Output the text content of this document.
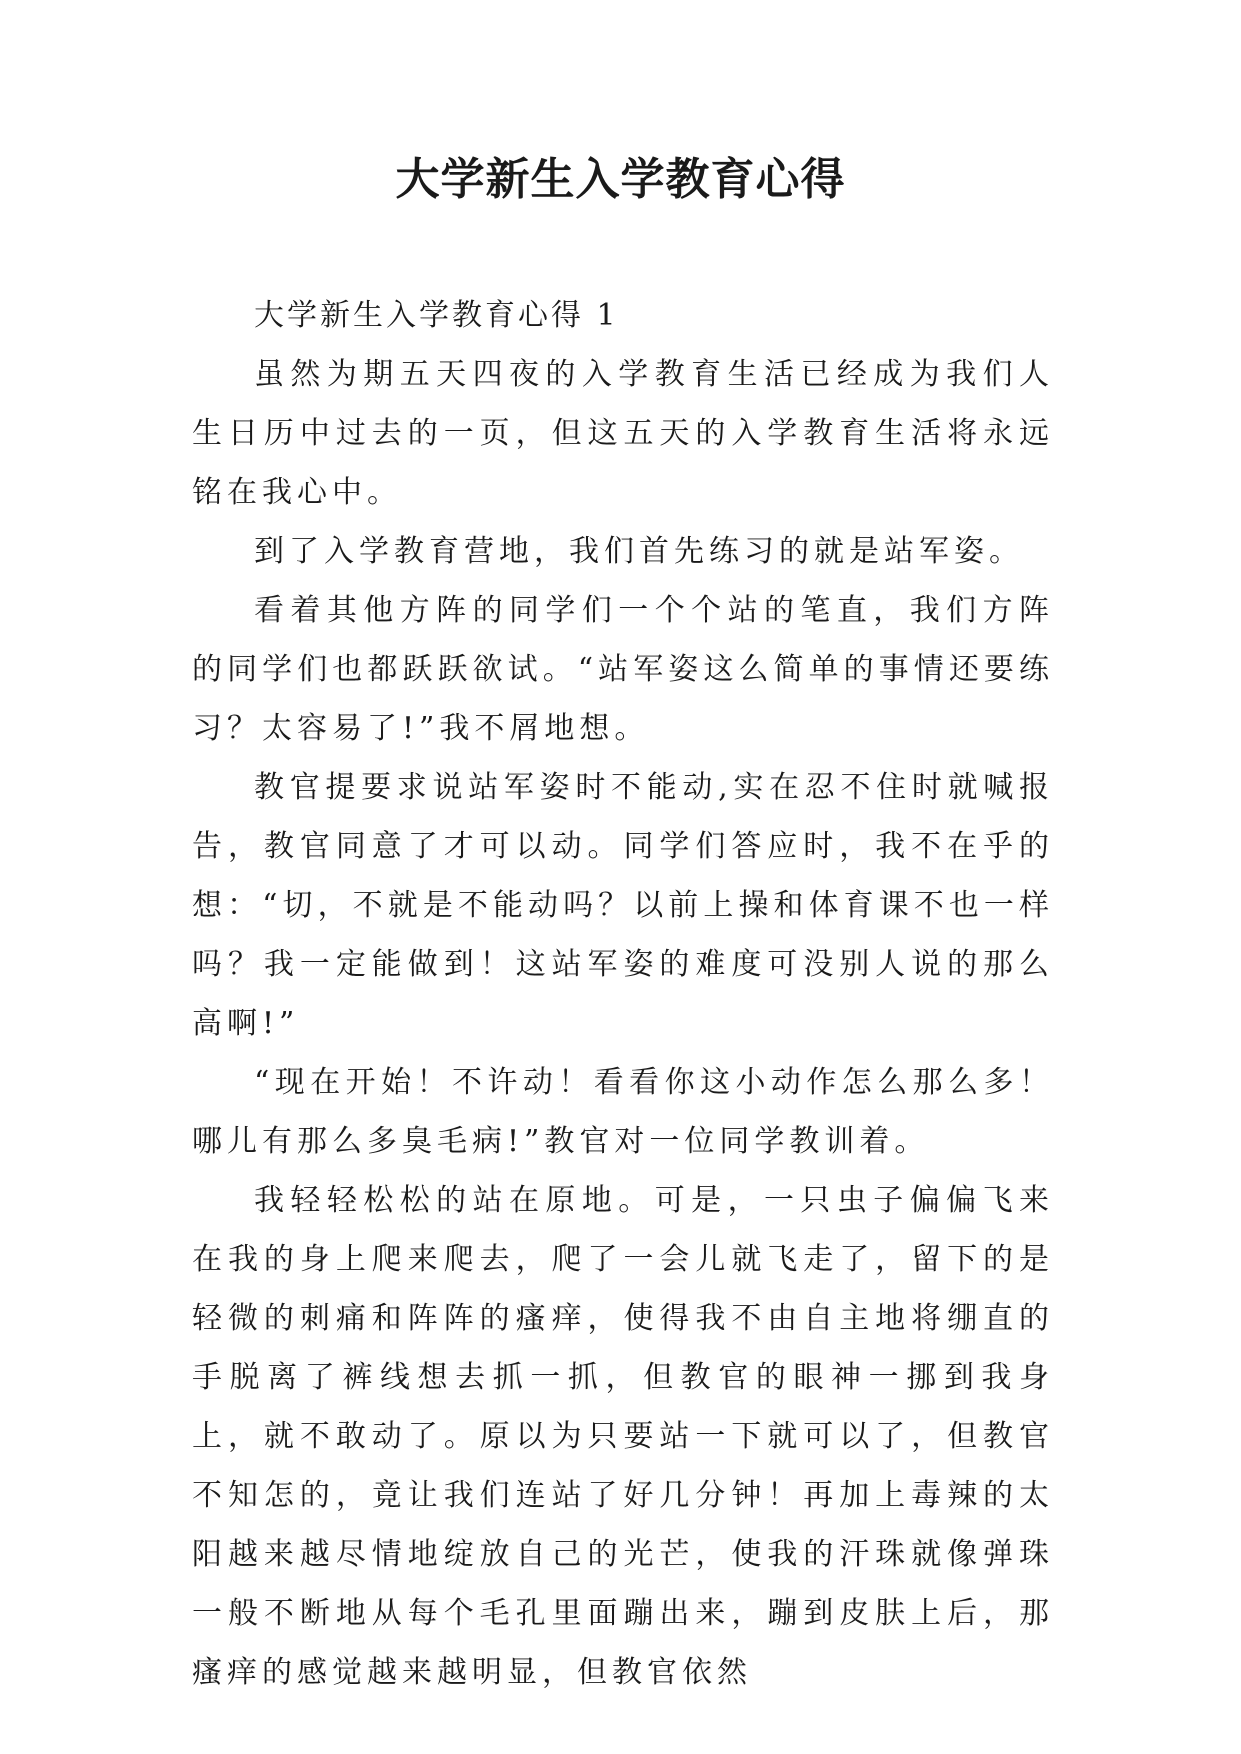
大学新生入学教育心得

大学新生入学教育心得 1

虽然为期五天四夜的入学教育生活已经成为我们人生日历中过去的一页，但这五天的入学教育生活将永远铭在我心中。

到了入学教育营地，我们首先练习的就是站军姿。

看着其他方阵的同学们一个个站的笔直，我们方阵的同学们也都跃跃欲试。“站军姿这么简单的事情还要练习？太容易了!”我不屑地想。

教官提要求说站军姿时不能动,实在忍不住时就喊报告，教官同意了才可以动。同学们答应时，我不在乎的想：“切，不就是不能动吗？以前上操和体育课不也一样吗？我一定能做到！这站军姿的难度可没别人说的那么高啊!”

“现在开始！不许动！看看你这小动作怎么那么多！哪儿有那么多臭毛病!”教官对一位同学教训着。

我轻轻松松的站在原地。可是，一只虫子偏偏飞来在我的身上爬来爬去，爬了一会儿就飞走了，留下的是轻微的刺痛和阵阵的瘙痒，使得我不由自主地将绷直的手脱离了裤线想去抓一抓，但教官的眼神一挪到我身上，就不敢动了。原以为只要站一下就可以了，但教官不知怎的，竟让我们连站了好几分钟！再加上毒辣的太阳越来越尽情地绽放自己的光芒，使我的汗珠就像弹珠一般不断地从每个毛孔里面蹦出来，蹦到皮肤上后，那瘙痒的感觉越来越明显，但教官依然
